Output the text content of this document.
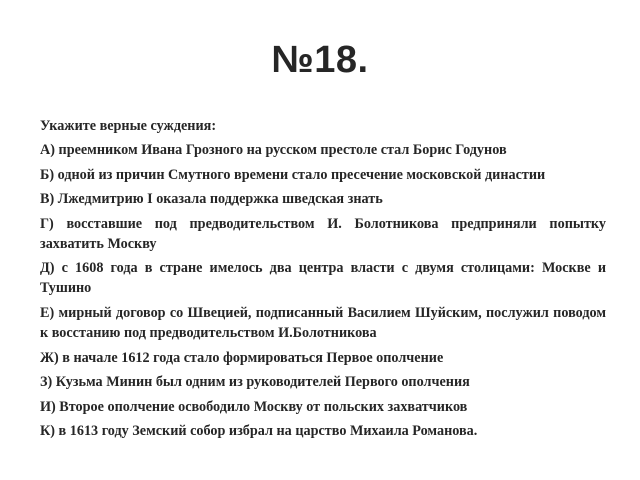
№18.
Укажите верные суждения:
А) преемником Ивана Грозного на русском престоле стал Борис Годунов
Б) одной из причин Смутного времени стало пресечение московской династии
В) Лжедмитрию I оказала поддержка шведская знать
Г) восставшие под предводительством И. Болотникова предприняли попытку захватить Москву
Д) с 1608 года в стране имелось два центра власти с двумя столицами: Москве и Тушино
Е) мирный договор со Швецией, подписанный Василием Шуйским, послужил поводом к восстанию под предводительством И.Болотникова
Ж) в начале 1612 года стало формироваться Первое ополчение
З) Кузьма Минин был одним из руководителей Первого ополчения
И) Второе ополчение освободило Москву от польских захватчиков
К) в 1613 году Земский собор избрал на царство Михаила Романова.
